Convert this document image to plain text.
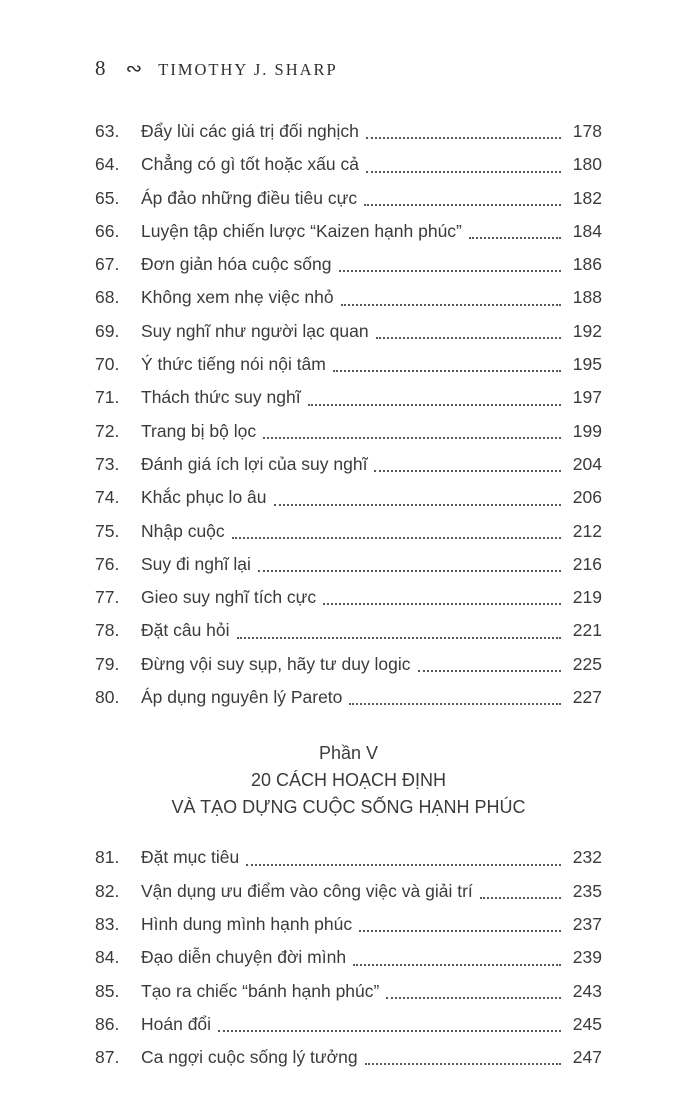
8 ∾ TIMOTHY J. SHARP
63.	Đẩy lùi các giá trị đối nghịch	178
64.	Chẳng có gì tốt hoặc xấu cả	180
65.	Áp đảo những điều tiêu cực	182
66.	Luyện tập chiến lược “Kaizen hạnh phúc”	184
67.	Đơn giản hóa cuộc sống	186
68.	Không xem nhẹ việc nhỏ	188
69.	Suy nghĩ như người lạc quan	192
70.	Ý thức tiếng nói nội tâm	195
71.	Thách thức suy nghĩ	197
72.	Trang bị bộ lọc	199
73.	Đánh giá ích lợi của suy nghĩ	204
74.	Khắc phục lo âu	206
75.	Nhập cuộc	212
76.	Suy đi nghĩ lại	216
77.	Gieo suy nghĩ tích cực	219
78.	Đặt câu hỏi	221
79.	Đừng vội suy sụp, hãy tư duy logic	225
80.	Áp dụng nguyên lý Pareto	227
Phần V
20 CÁCH HOẠCH ĐỊNH
VÀ TẠO DỰNG CUỘC SỐNG HẠNH PHÚC
81.	Đặt mục tiêu	232
82.	Vận dụng ưu điểm vào công việc và giải trí	235
83.	Hình dung mình hạnh phúc	237
84.	Đạo diễn chuyện đời mình	239
85.	Tạo ra chiếc “bánh hạnh phúc”	243
86.	Hoán đổi	245
87.	Ca ngợi cuộc sống lý tưởng	247
